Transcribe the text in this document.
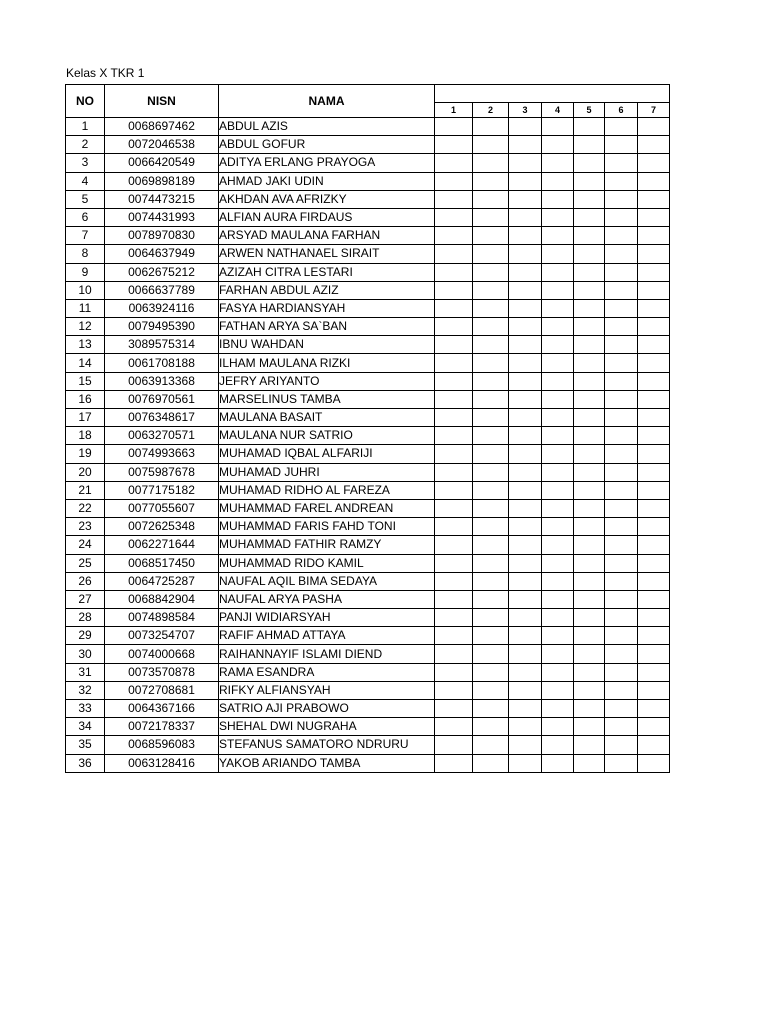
Kelas X TKR 1
NO	NISN	NAMA							
			1	2	3	4	5	6	7
1	0068697462	ABDUL AZIS							
2	0072046538	ABDUL GOFUR							
3	0066420549	ADITYA ERLANG PRAYOGA							
4	0069898189	AHMAD JAKI UDIN							
5	0074473215	AKHDAN AVA AFRIZKY							
6	0074431993	ALFIAN AURA FIRDAUS							
7	0078970830	ARSYAD MAULANA FARHAN							
8	0064637949	ARWEN NATHANAEL SIRAIT							
9	0062675212	AZIZAH CITRA LESTARI							
10	0066637789	FARHAN ABDUL AZIZ							
11	0063924116	FASYA HARDIANSYAH							
12	0079495390	FATHAN ARYA SA`BAN							
13	3089575314	IBNU WAHDAN							
14	0061708188	ILHAM MAULANA RIZKI							
15	0063913368	JEFRY ARIYANTO							
16	0076970561	MARSELINUS TAMBA							
17	0076348617	MAULANA BASAIT							
18	0063270571	MAULANA NUR SATRIO							
19	0074993663	MUHAMAD IQBAL ALFARIJI							
20	0075987678	MUHAMAD JUHRI							
21	0077175182	MUHAMAD RIDHO AL FAREZA							
22	0077055607	MUHAMMAD FAREL ANDREAN							
23	0072625348	MUHAMMAD FARIS FAHD TONI							
24	0062271644	MUHAMMAD FATHIR RAMZY							
25	0068517450	MUHAMMAD RIDO KAMIL							
26	0064725287	NAUFAL AQIL BIMA SEDAYA							
27	0068842904	NAUFAL ARYA PASHA							
28	0074898584	PANJI WIDIARSYAH							
29	0073254707	RAFIF AHMAD ATTAYA							
30	0074000668	RAIHANNAYIF ISLAMI DIEND							
31	0073570878	RAMA ESANDRA							
32	0072708681	RIFKY ALFIANSYAH							
33	0064367166	SATRIO AJI PRABOWO							
34	0072178337	SHEHAL DWI NUGRAHA							
35	0068596083	STEFANUS SAMATORO NDRURU							
36	0063128416	YAKOB ARIANDO TAMBA							
